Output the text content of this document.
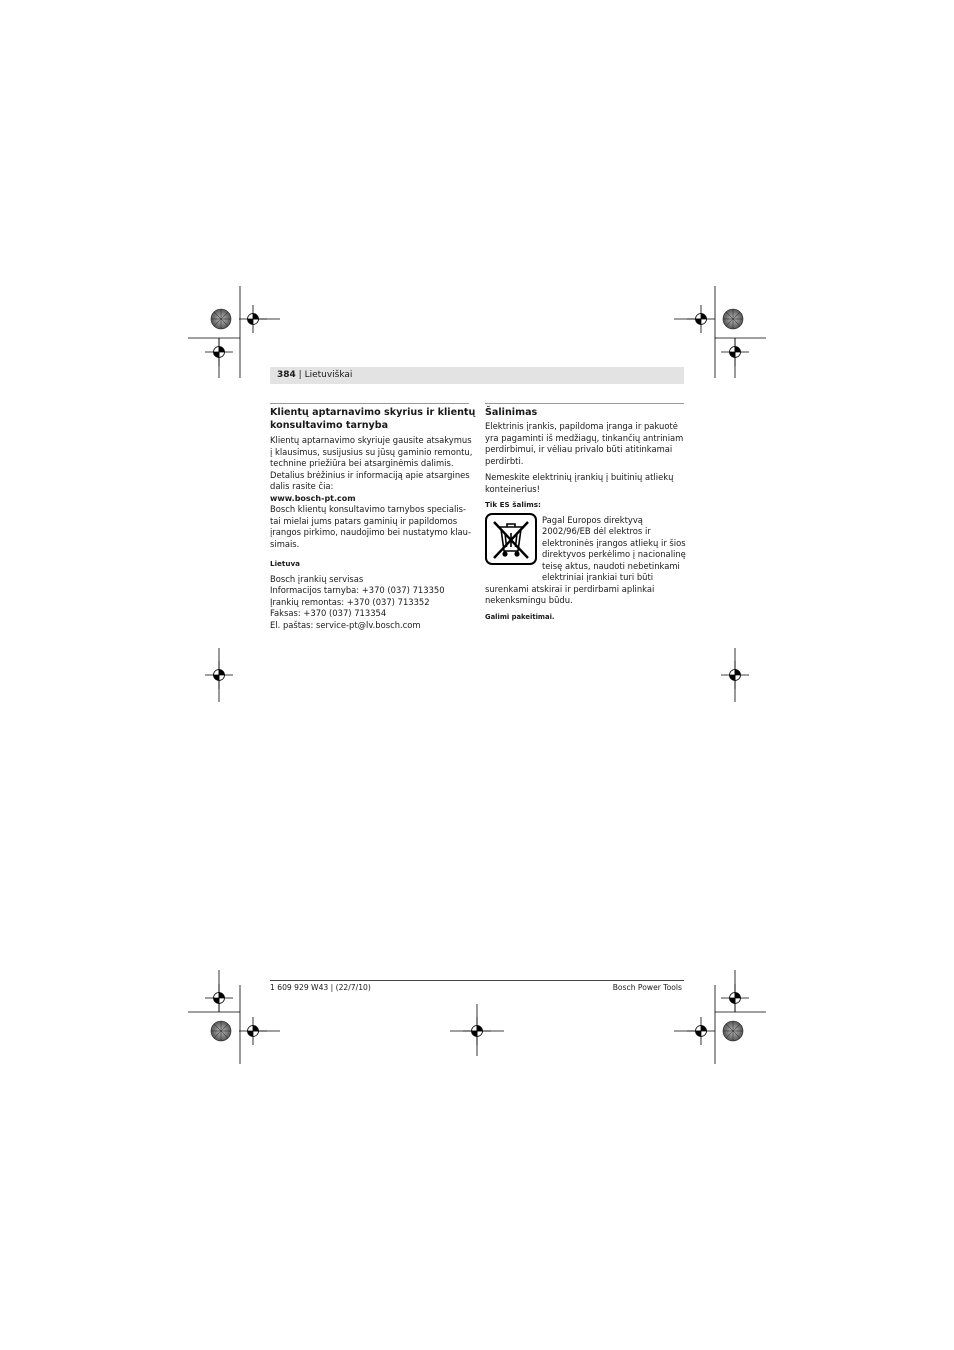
384 | Lietuviškai
Klientų aptarnavimo skyrius ir klientų
konsultavimo tarnyba

Klientų aptarnavimo skyriuje gausite atsakymus
į klausimus, susijusius su jūsų gaminio remontu,
technine priežiūra bei atsarginėmis dalimis.
Detalius brėžinius ir informaciją apie atsargines
dalis rasite čia:

www.bosch-pt.com

Bosch klientų konsultavimo tarnybos specialis-
tai mielai jums patars gaminių ir papildomos
įrangos pirkimo, naudojimo bei nustatymo klau-
simais.

Lietuva

Bosch įrankių servisas
Informacijos tarnyba: +370 (037) 713350
Įrankių remontas: +370 (037) 713352
Faksas: +370 (037) 713354
El. paštas: service-pt@lv.bosch.com

Šalinimas

Elektrinis įrankis, papildoma įranga ir pakuotė
yra pagaminti iš medžiagų, tinkančių antriniam
perdirbimui, ir vėliau privalo būti atitinkamai
perdirbti.

Nemeskite elektrinių įrankių į buitinių atliekų
konteinerius!

Tik ES šalims:

Pagal Europos direktyvą
2002/96/EB dėl elektros ir
elektroninės įrangos atliekų ir šios
direktyvos perkėlimo į nacionalinę
teisę aktus, naudoti nebetinkami
elektriniai įrankiai turi būti
surenkami atskirai ir perdirbami aplinkai
nekenksmingu būdu.

Galimi pakeitimai.

1 609 929 W43 | (22/7/10)	Bosch Power Tools
